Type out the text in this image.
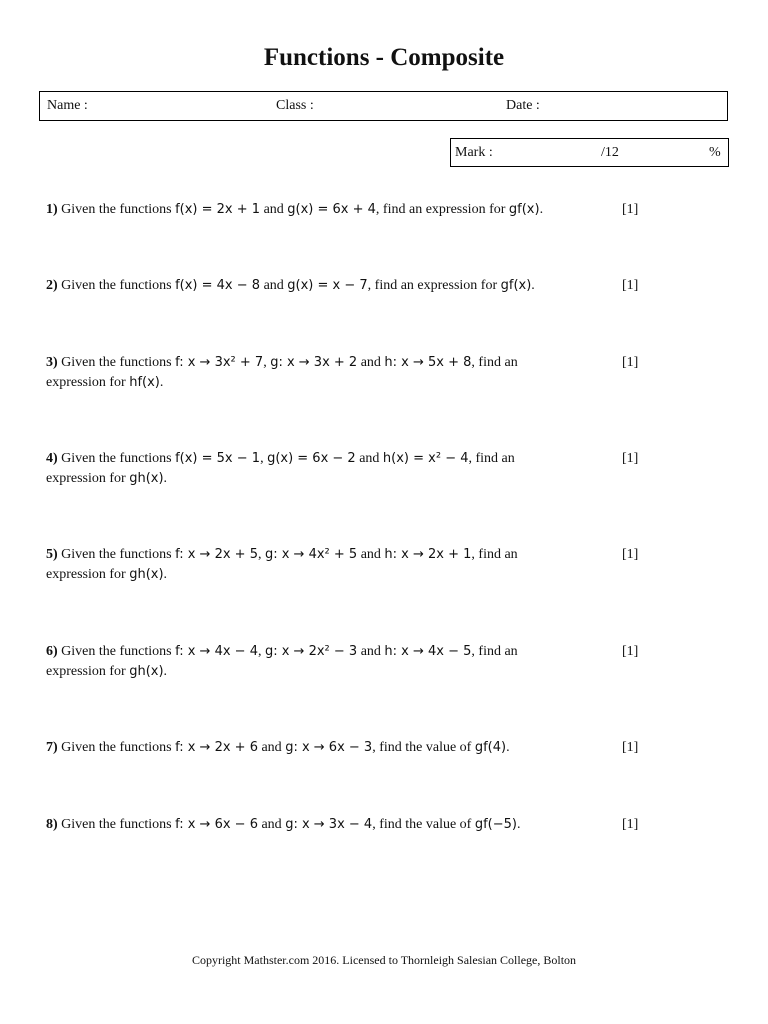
Functions - Composite
Name :	Class :	Date :
Mark :	/12	%
1) Given the functions f(x) = 2x + 1 and g(x) = 6x + 4, find an expression for gf(x).	[1]
2) Given the functions f(x) = 4x − 8 and g(x) = x − 7, find an expression for gf(x).	[1]
3) Given the functions f: x → 3x² + 7, g: x → 3x + 2 and h: x → 5x + 8, find an
expression for hf(x).
[1]
4) Given the functions f(x) = 5x − 1, g(x) = 6x − 2 and h(x) = x² − 4, find an
expression for gh(x).
[1]
5) Given the functions f: x → 2x + 5, g: x → 4x² + 5 and h: x → 2x + 1, find an
expression for gh(x).
[1]
6) Given the functions f: x → 4x − 4, g: x → 2x² − 3 and h: x → 4x − 5, find an
expression for gh(x).
[1]
7) Given the functions f: x → 2x + 6 and g: x → 6x − 3, find the value of gf(4).	[1]
8) Given the functions f: x → 6x − 6 and g: x → 3x − 4, find the value of gf(−5).	[1]
Copyright Mathster.com 2016. Licensed to Thornleigh Salesian College, Bolton
